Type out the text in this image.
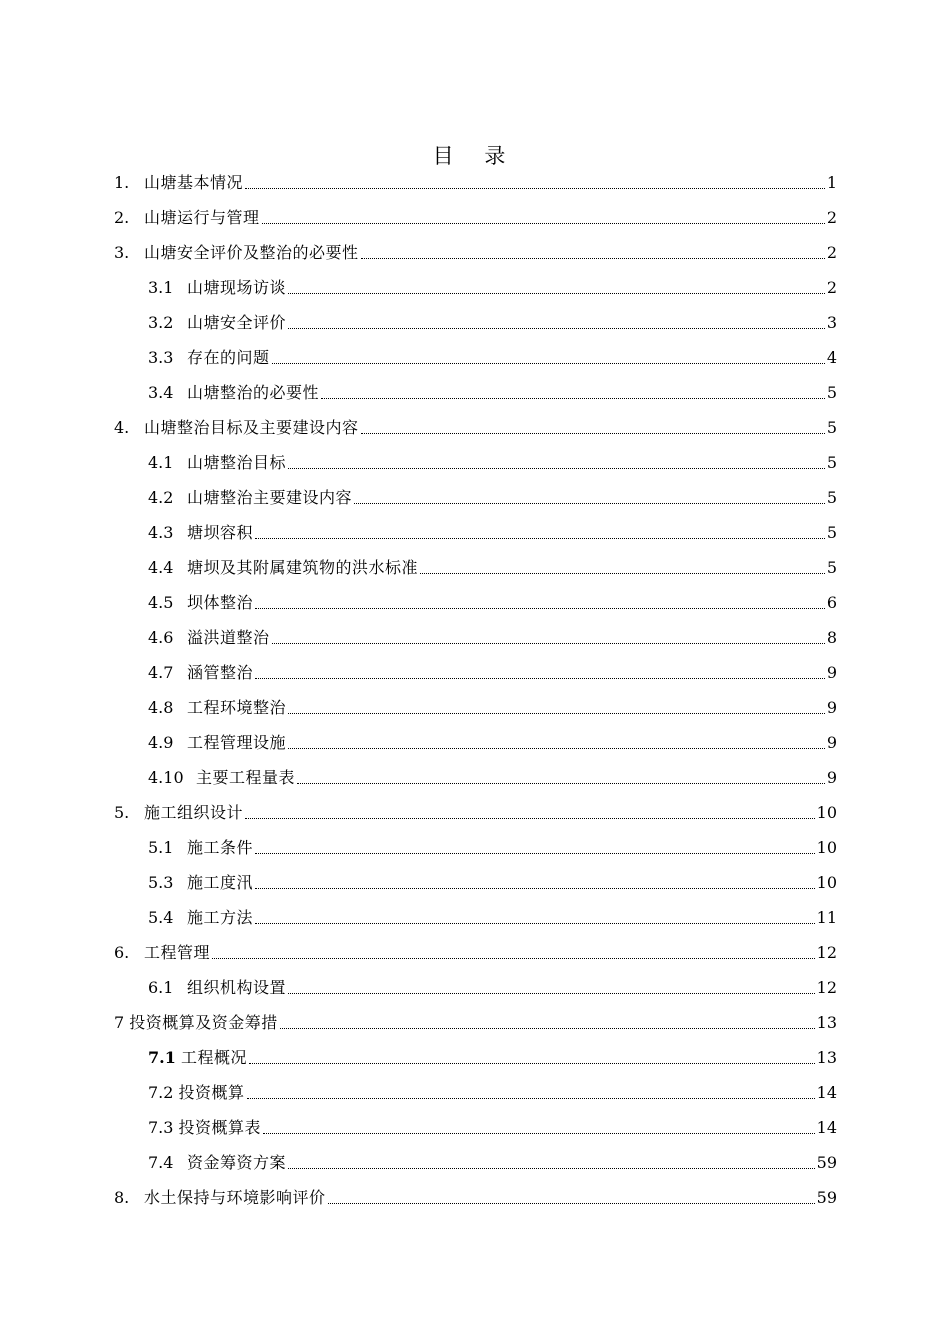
目 录
1. 山塘基本情况	1
2. 山塘运行与管理	2
3. 山塘安全评价及整治的必要性	2
3.1 山塘现场访谈	2
3.2 山塘安全评价	3
3.3 存在的问题	4
3.4 山塘整治的必要性	5
4. 山塘整治目标及主要建设内容	5
4.1 山塘整治目标	5
4.2 山塘整治主要建设内容	5
4.3 塘坝容积	5
4.4 塘坝及其附属建筑物的洪水标准	5
4.5 坝体整治	6
4.6 溢洪道整治	8
4.7 涵管整治	9
4.8 工程环境整治	9
4.9 工程管理设施	9
4.10 主要工程量表	9
5. 施工组织设计	10
5.1 施工条件	10
5.3 施工度汛	10
5.4 施工方法	11
6. 工程管理	12
6.1 组织机构设置	12
7 投资概算及资金筹措	13
7.1 工程概况	13
7.2 投资概算	14
7.3 投资概算表	14
7.4 资金筹资方案	59
8. 水土保持与环境影响评价	59
